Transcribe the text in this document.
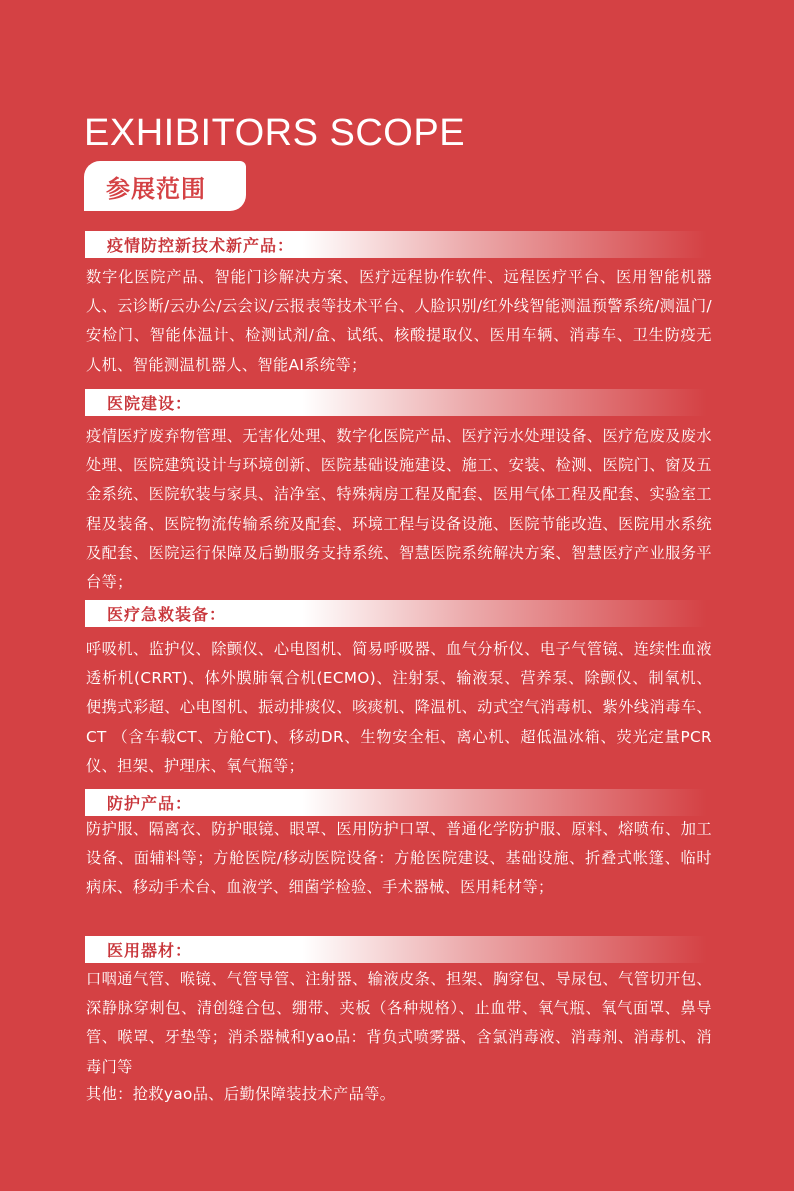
EXHIBITORS SCOPE
参展范围
疫情防控新技术新产品：

数字化医院产品、智能门诊解决方案、医疗远程协作软件、远程医疗平台、医用智能机器人、云诊断/云办公/云会议/云报表等技术平台、人脸识别/红外线智能测温预警系统/测温门/安检门、智能体温计、检测试剂/盒、试纸、核酸提取仪、医用车辆、消毒车、卫生防疫无人机、智能测温机器人、智能AI系统等；

医院建设：

疫情医疗废弃物管理、无害化处理、数字化医院产品、医疗污水处理设备、医疗危废及废水处理、医院建筑设计与环境创新、医院基础设施建设、施工、安装、检测、医院门、窗及五金系统、医院软装与家具、洁净室、特殊病房工程及配套、医用气体工程及配套、实验室工程及装备、医院物流传输系统及配套、环境工程与设备设施、医院节能改造、医院用水系统及配套、医院运行保障及后勤服务支持系统、智慧医院系统解决方案、智慧医疗产业服务平台等；

医疗急救装备：

呼吸机、监护仪、除颤仪、心电图机、简易呼吸器、血气分析仪、电子气管镜、连续性血液透析机(CRRT)、体外膜肺氧合机(ECMO)、注射泵、输液泵、营养泵、除颤仪、制氧机、便携式彩超、心电图机、振动排痰仪、咳痰机、降温机、动式空气消毒机、紫外线消毒车、CT （含车载CT、方舱CT)、移动DR、生物安全柜、离心机、超低温冰箱、荧光定量PCR仪、担架、护理床、氧气瓶等；

防护产品：

防护服、隔离衣、防护眼镜、眼罩、医用防护口罩、普通化学防护服、原料、熔喷布、加工设备、面辅料等；方舱医院/移动医院设备：方舱医院建设、基础设施、折叠式帐篷、临时病床、移动手术台、血液学、细菌学检验、手术器械、医用耗材等；

医用器材：

口咽通气管、喉镜、气管导管、注射器、输液皮条、担架、胸穿包、导尿包、气管切开包、深静脉穿刺包、清创缝合包、绷带、夹板（各种规格）、止血带、氧气瓶、氧气面罩、鼻导管、喉罩、牙垫等；消杀器械和yao品：背负式喷雾器、含氯消毒液、消毒剂、消毒机、消毒门等

其他：抢救yao品、后勤保障装技术产品等。
